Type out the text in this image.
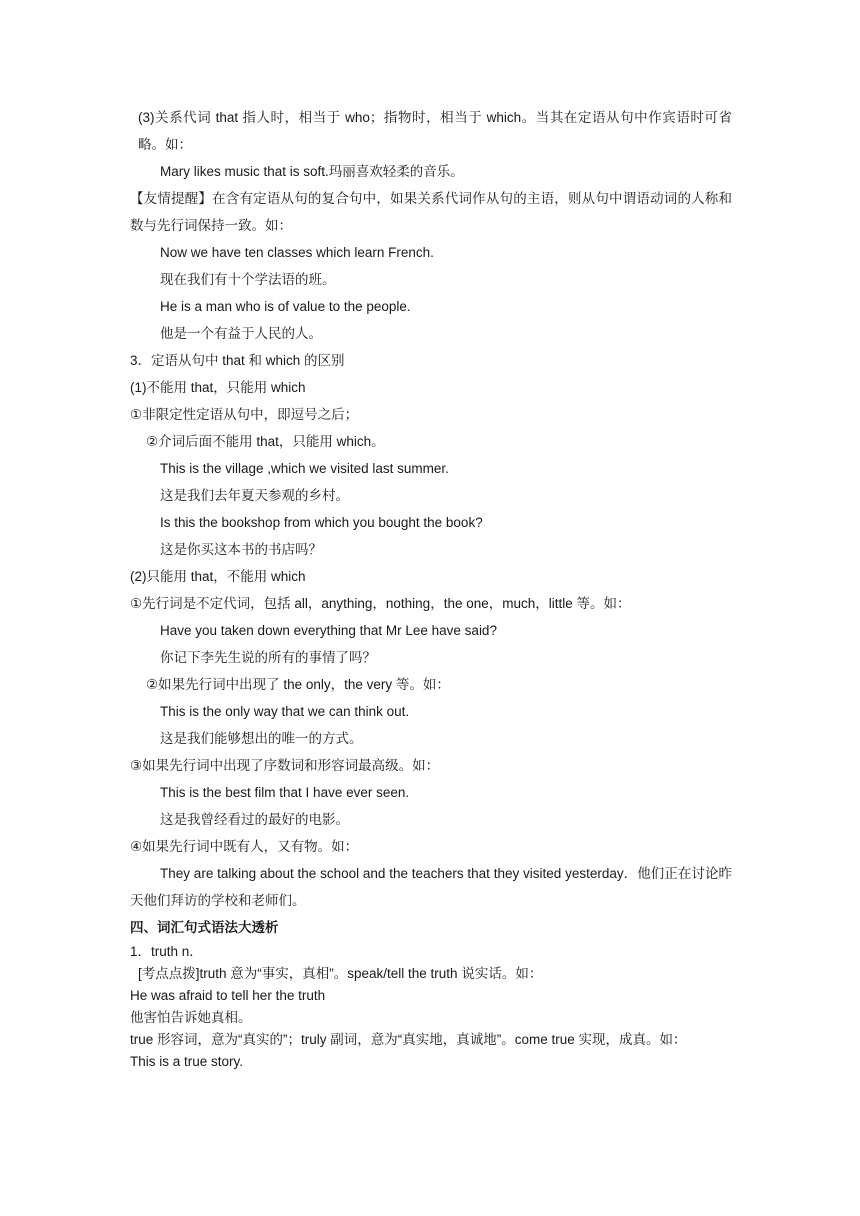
(3)关系代词 that 指人时，相当于 who；指物时，相当于 which。当其在定语从句中作宾语时可省略。如：
Mary likes music that is soft.玛丽喜欢轻柔的音乐。
【友情提醒】在含有定语从句的复合句中，如果关系代词作从句的主语，则从句中谓语动词的人称和数与先行词保持一致。如：
Now we have ten classes which learn French.
现在我们有十个学法语的班。
He is a man who is of value to the people.
他是一个有益于人民的人。
3．定语从句中 that 和 which 的区别
(1)不能用 that，只能用 which
①非限定性定语从句中，即逗号之后；
②介词后面不能用 that，只能用 which。
This is the village ,which we visited last summer.
这是我们去年夏天参观的乡村。
Is this the bookshop from which you bought the book?
这是你买这本书的书店吗？
(2)只能用 that，不能用 which
①先行词是不定代词，包括 all，anything，nothing，the one，much，little 等。如：
Have you taken down everything that Mr Lee have said?
你记下李先生说的所有的事情了吗？
②如果先行词中出现了 the only，the very 等。如：
This is the only way that we can think out.
这是我们能够想出的唯一的方式。
③如果先行词中出现了序数词和形容词最高级。如：
This is the best film that I have ever seen.
这是我曾经看过的最好的电影。
④如果先行词中既有人，又有物。如：
They are talking about the school and the teachers that they visited yesterday．他们正在讨论昨天他们拜访的学校和老师们。
四、词汇句式语法大透析
1．truth n．
[考点点拨]truth 意为“事实，真相”。speak/tell the truth 说实话。如：
He was afraid to tell her the truth
他害怕告诉她真相。
true 形容词，意为“真实的”；truly 副词，意为“真实地，真诚地”。come true 实现，成真。如：
This is a true story.
